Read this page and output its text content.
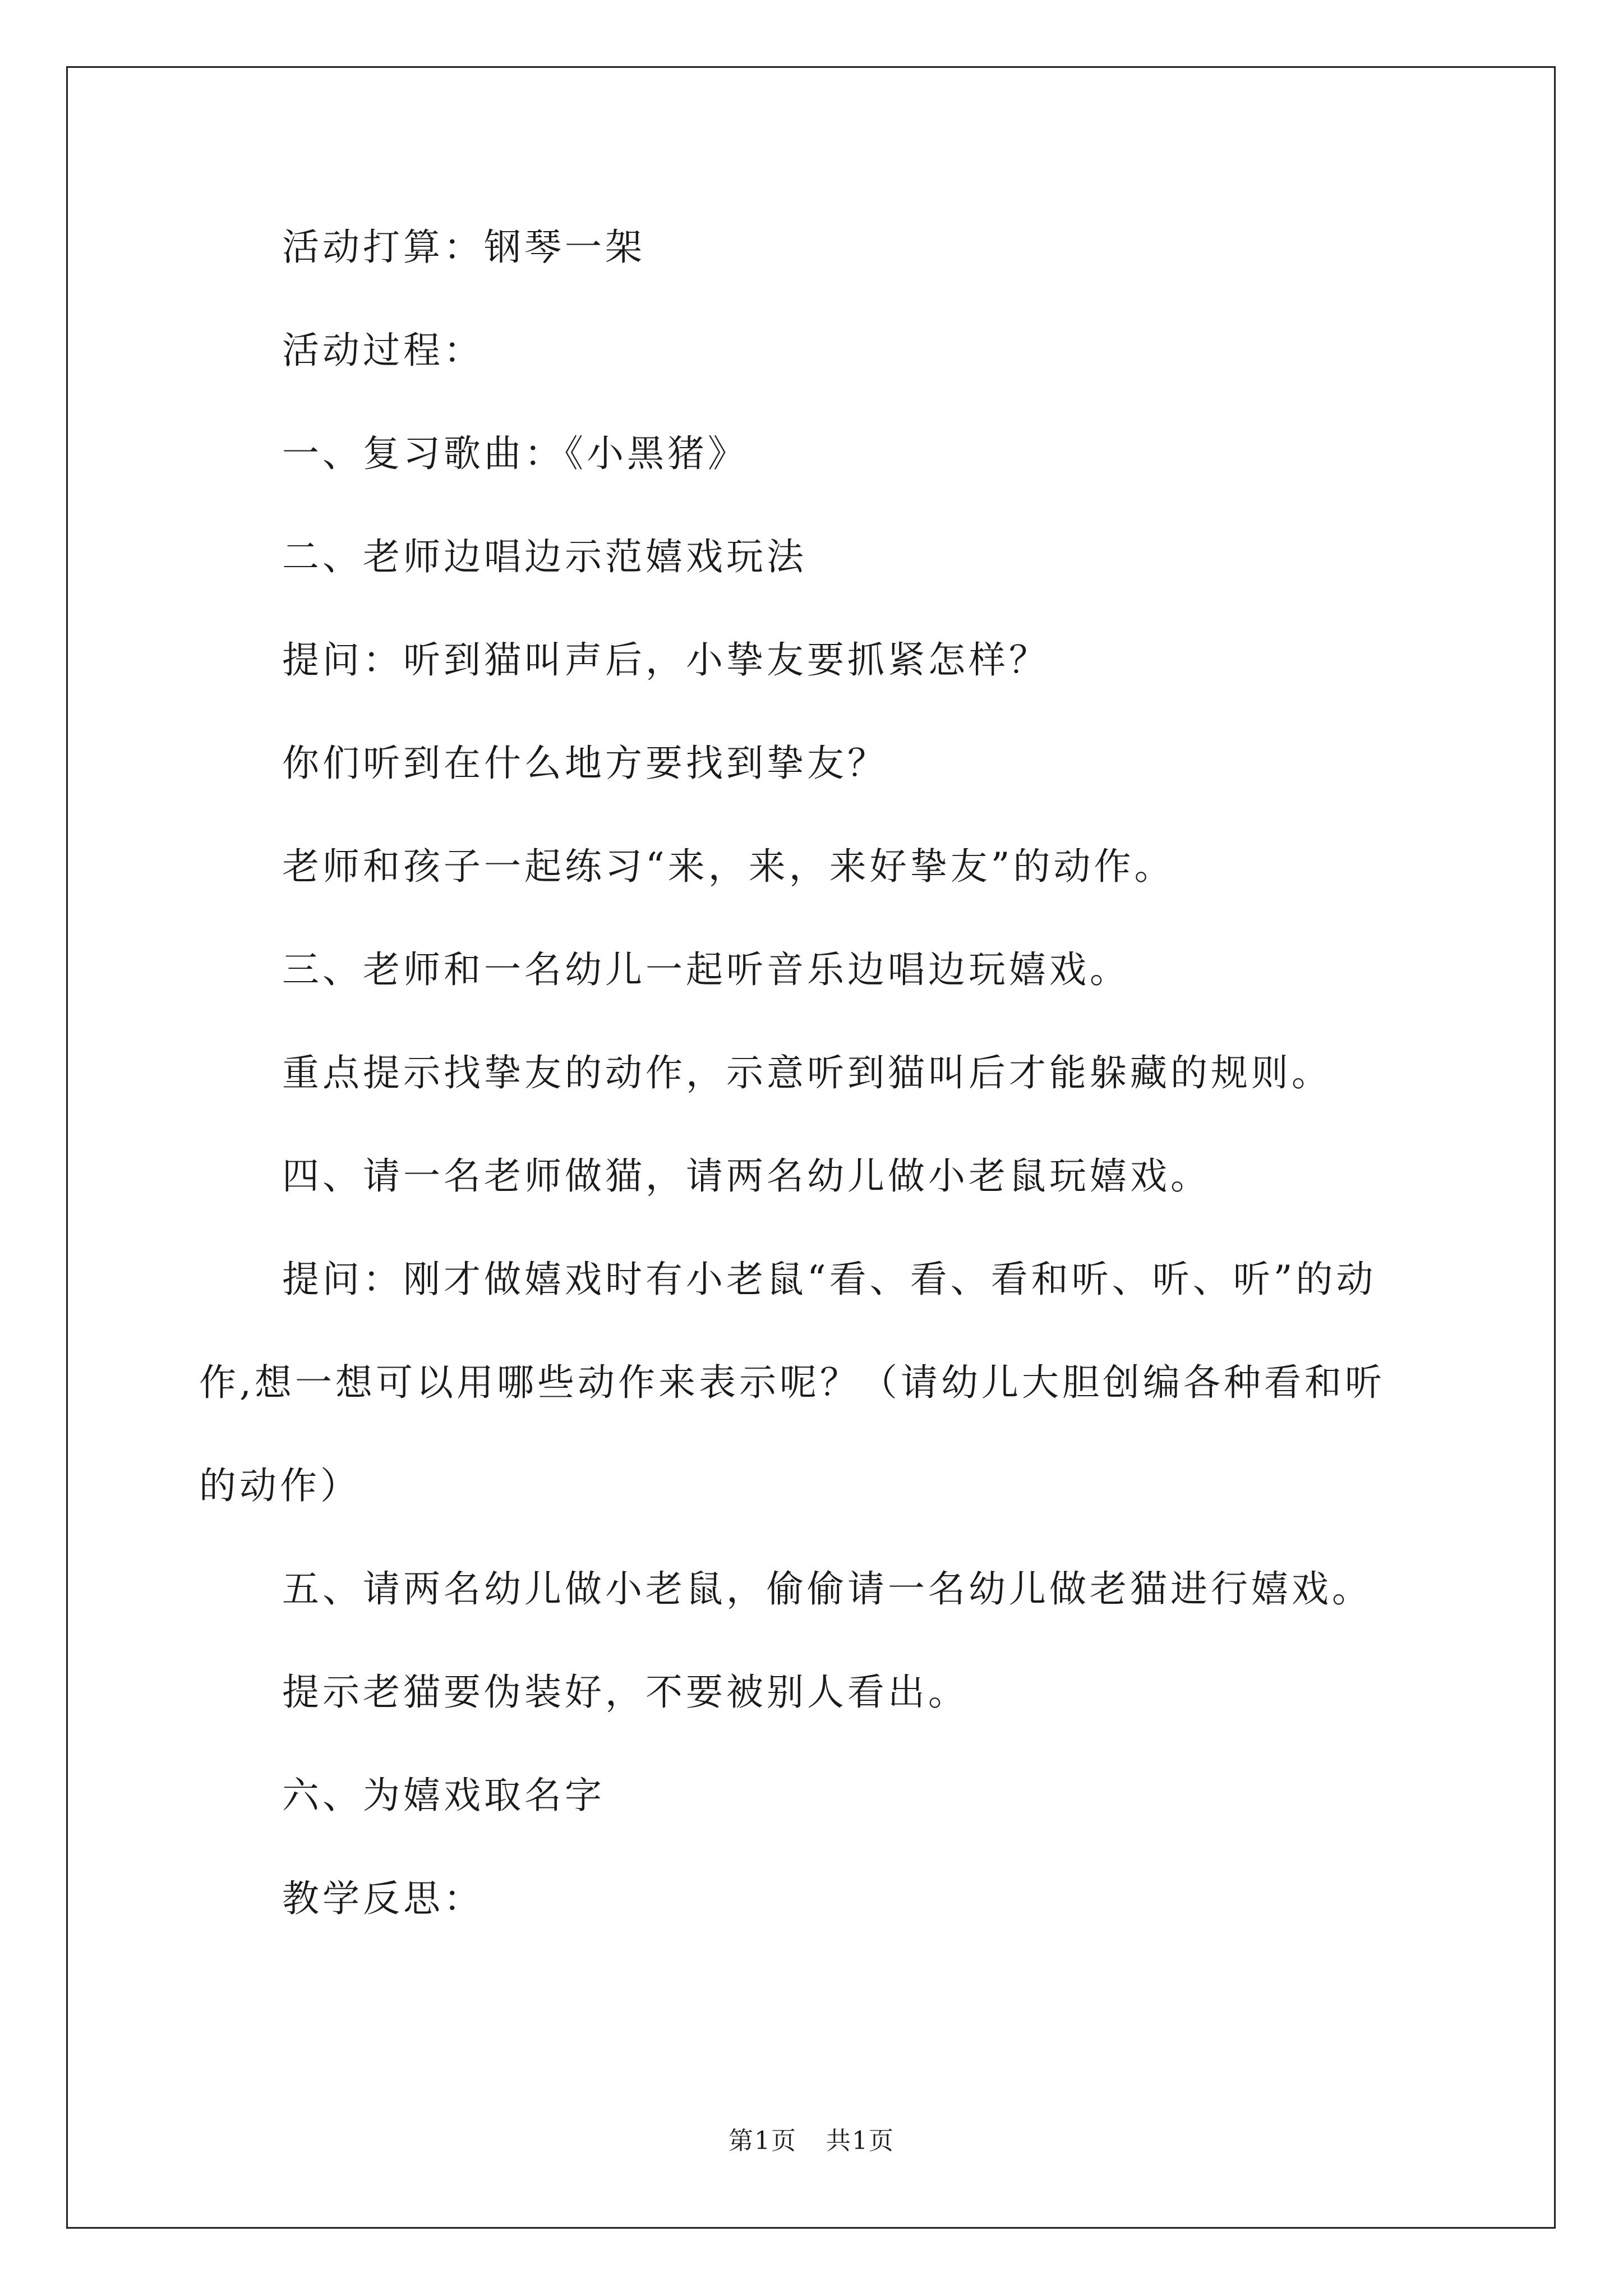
活动打算：钢琴一架

活动过程：

一、复习歌曲：《小黑猪》

二、老师边唱边示范嬉戏玩法

提问：听到猫叫声后，小挚友要抓紧怎样？

你们听到在什么地方要找到挚友？

老师和孩子一起练习“来，来，来好挚友”的动作。

三、老师和一名幼儿一起听音乐边唱边玩嬉戏。

重点提示找挚友的动作，示意听到猫叫后才能躲藏的规则。

四、请一名老师做猫，请两名幼儿做小老鼠玩嬉戏。

提问：刚才做嬉戏时有小老鼠“看、看、看和听、听、听”的动作,想一想可以用哪些动作来表示呢？（请幼儿大胆创编各种看和听的动作）

五、请两名幼儿做小老鼠，偷偷请一名幼儿做老猫进行嬉戏。

提示老猫要伪装好，不要被别人看出。

六、为嬉戏取名字

教学反思：

第1页 共1页
